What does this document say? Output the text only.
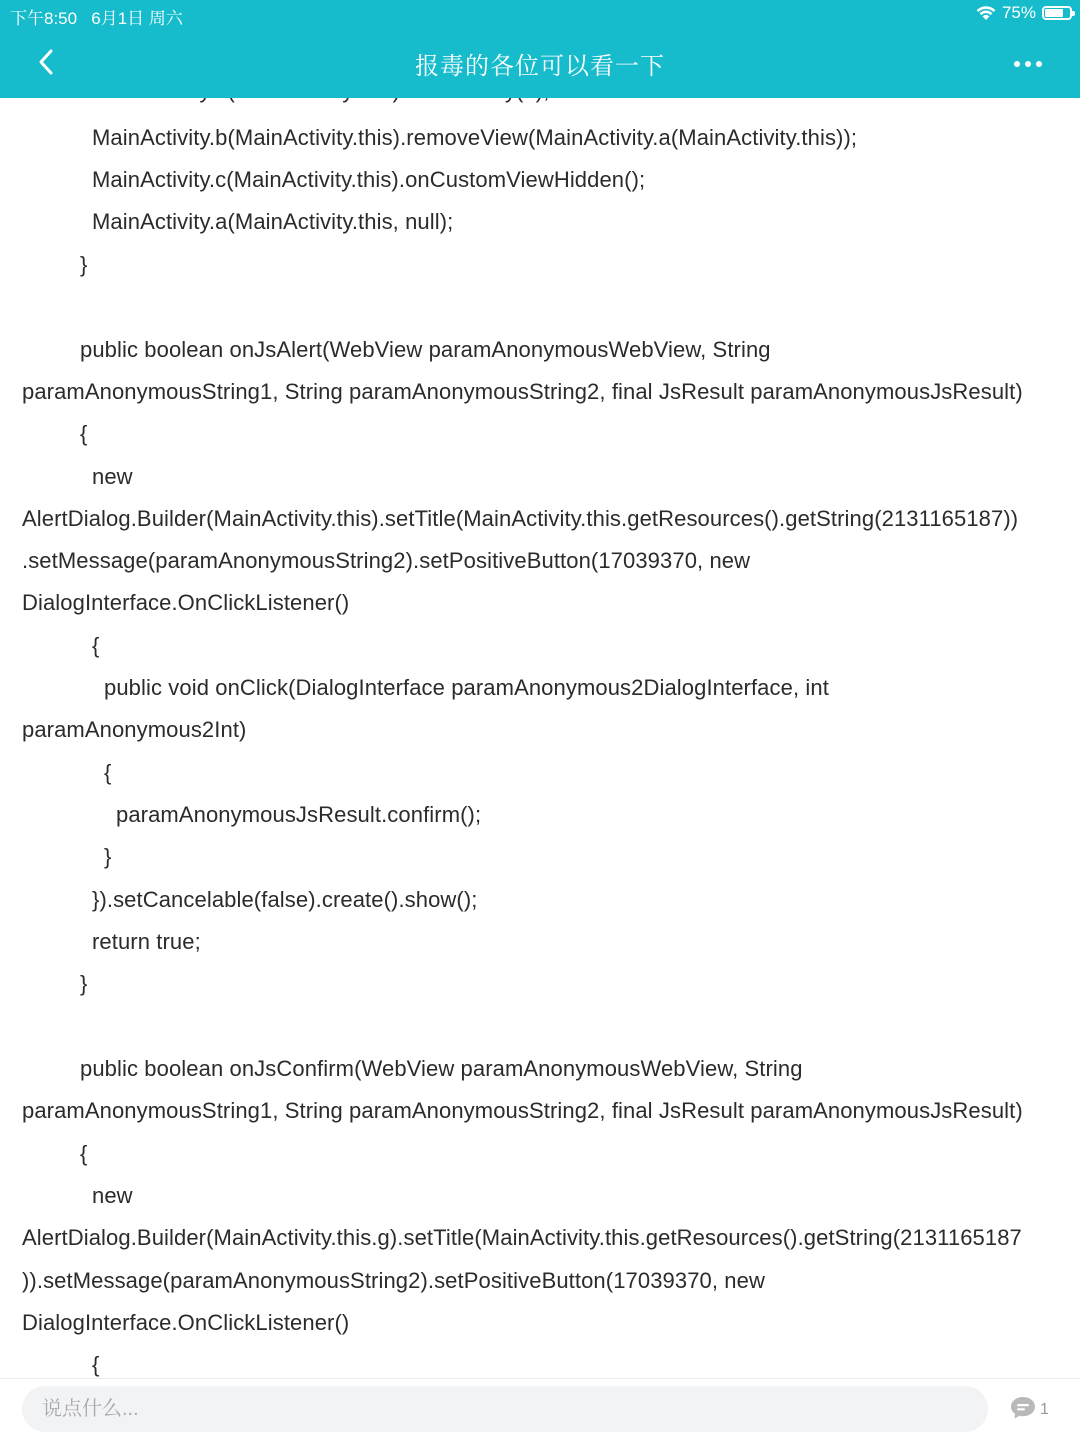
下午8:50 6月1日 周六	75%
报毒的各位可以看一下
MainActivity.b(MainActivity.this).removeView(MainActivity.a(MainActivity.this));
MainActivity.c(MainActivity.this).onCustomViewHidden();
MainActivity.a(MainActivity.this, null);
}
public boolean onJsAlert(WebView paramAnonymousWebView, String
paramAnonymousString1, String paramAnonymousString2, final JsResult paramAnonymousJsResult)
{
new
AlertDialog.Builder(MainActivity.this).setTitle(MainActivity.this.getResources().getString(2131165187))
.setMessage(paramAnonymousString2).setPositiveButton(17039370, new
DialogInterface.OnClickListener()
{
public void onClick(DialogInterface paramAnonymous2DialogInterface, int
paramAnonymous2Int)
{
paramAnonymousJsResult.confirm();
}
}).setCancelable(false).create().show();
return true;
}
public boolean onJsConfirm(WebView paramAnonymousWebView, String
paramAnonymousString1, String paramAnonymousString2, final JsResult paramAnonymousJsResult)
{
new
AlertDialog.Builder(MainActivity.this.g).setTitle(MainActivity.this.getResources().getString(2131165187
)).setMessage(paramAnonymousString2).setPositiveButton(17039370, new
DialogInterface.OnClickListener()
{
说点什么...
1
